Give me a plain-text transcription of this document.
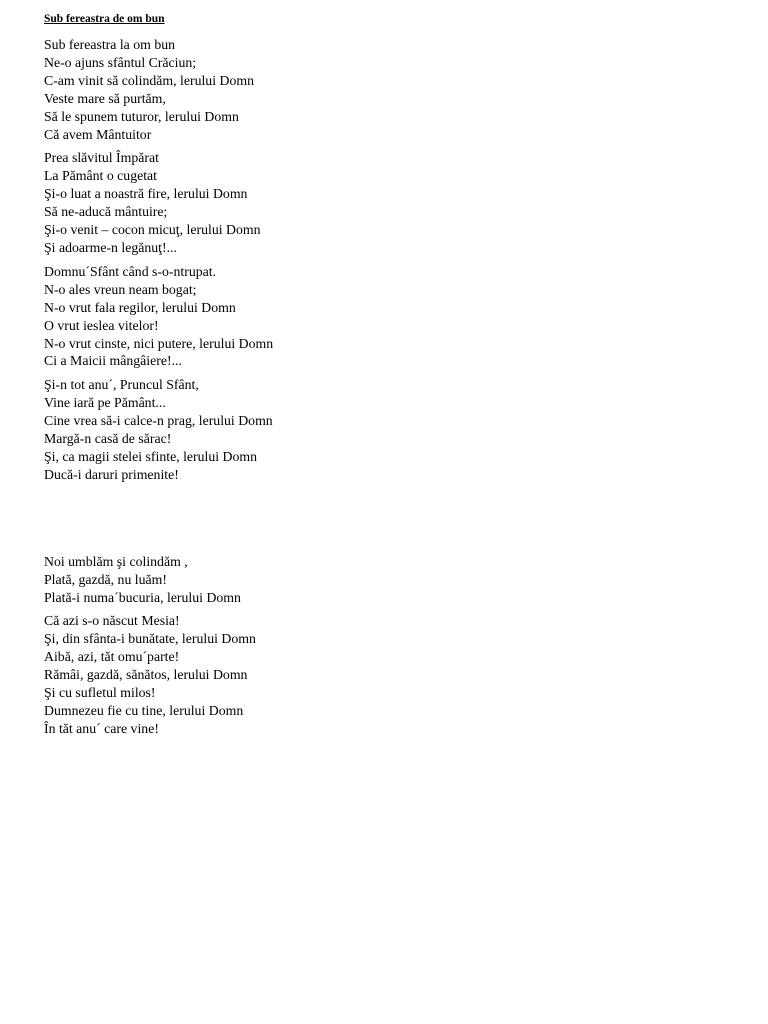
Sub fereastra de om bun
Sub fereastra la om bun
Ne-o ajuns sfântul Crăciun;
C-am vinit să colindăm, lerului Domn
Veste mare să purtăm,
Să le spunem tuturor, lerului Domn
Că avem Mântuitor
Prea slăvitul Împărat
La Pământ o cugetat
Şi-o luat a noastră fire, lerului Domn
Să ne-aducă mântuire;
Şi-o venit – cocon micuţ, lerului Domn
Şi adoarme-n legănuţ!...
Domnu´Sfânt când s-o-ntrupat.
N-o ales vreun neam bogat;
N-o vrut fala regilor, lerului Domn
O vrut ieslea vitelor!
N-o vrut cinste, nici putere, lerului Domn
Ci a Maicii mângâiere!...
Şi-n tot anu´, Pruncul Sfânt,
Vine iară pe Pământ...
Cine vrea să-i calce-n prag, lerului Domn
Margă-n casă de sărac!
Şi, ca magii stelei sfinte, lerului Domn
Ducă-i daruri primenite!
Noi umblăm şi colindăm ,
Plată, gazdă, nu luăm!
Plată-i numa´bucuria, lerului Domn
Că azi s-o născut Mesia!
Şi, din sfânta-i bunătate, lerului Domn
Aibă, azi, tăt omu´parte!
Rămâi, gazdă, sănătos, lerului Domn
Şi cu sufletul milos!
Dumnezeu fie cu tine, lerului Domn
În tăt anu´ care vine!
